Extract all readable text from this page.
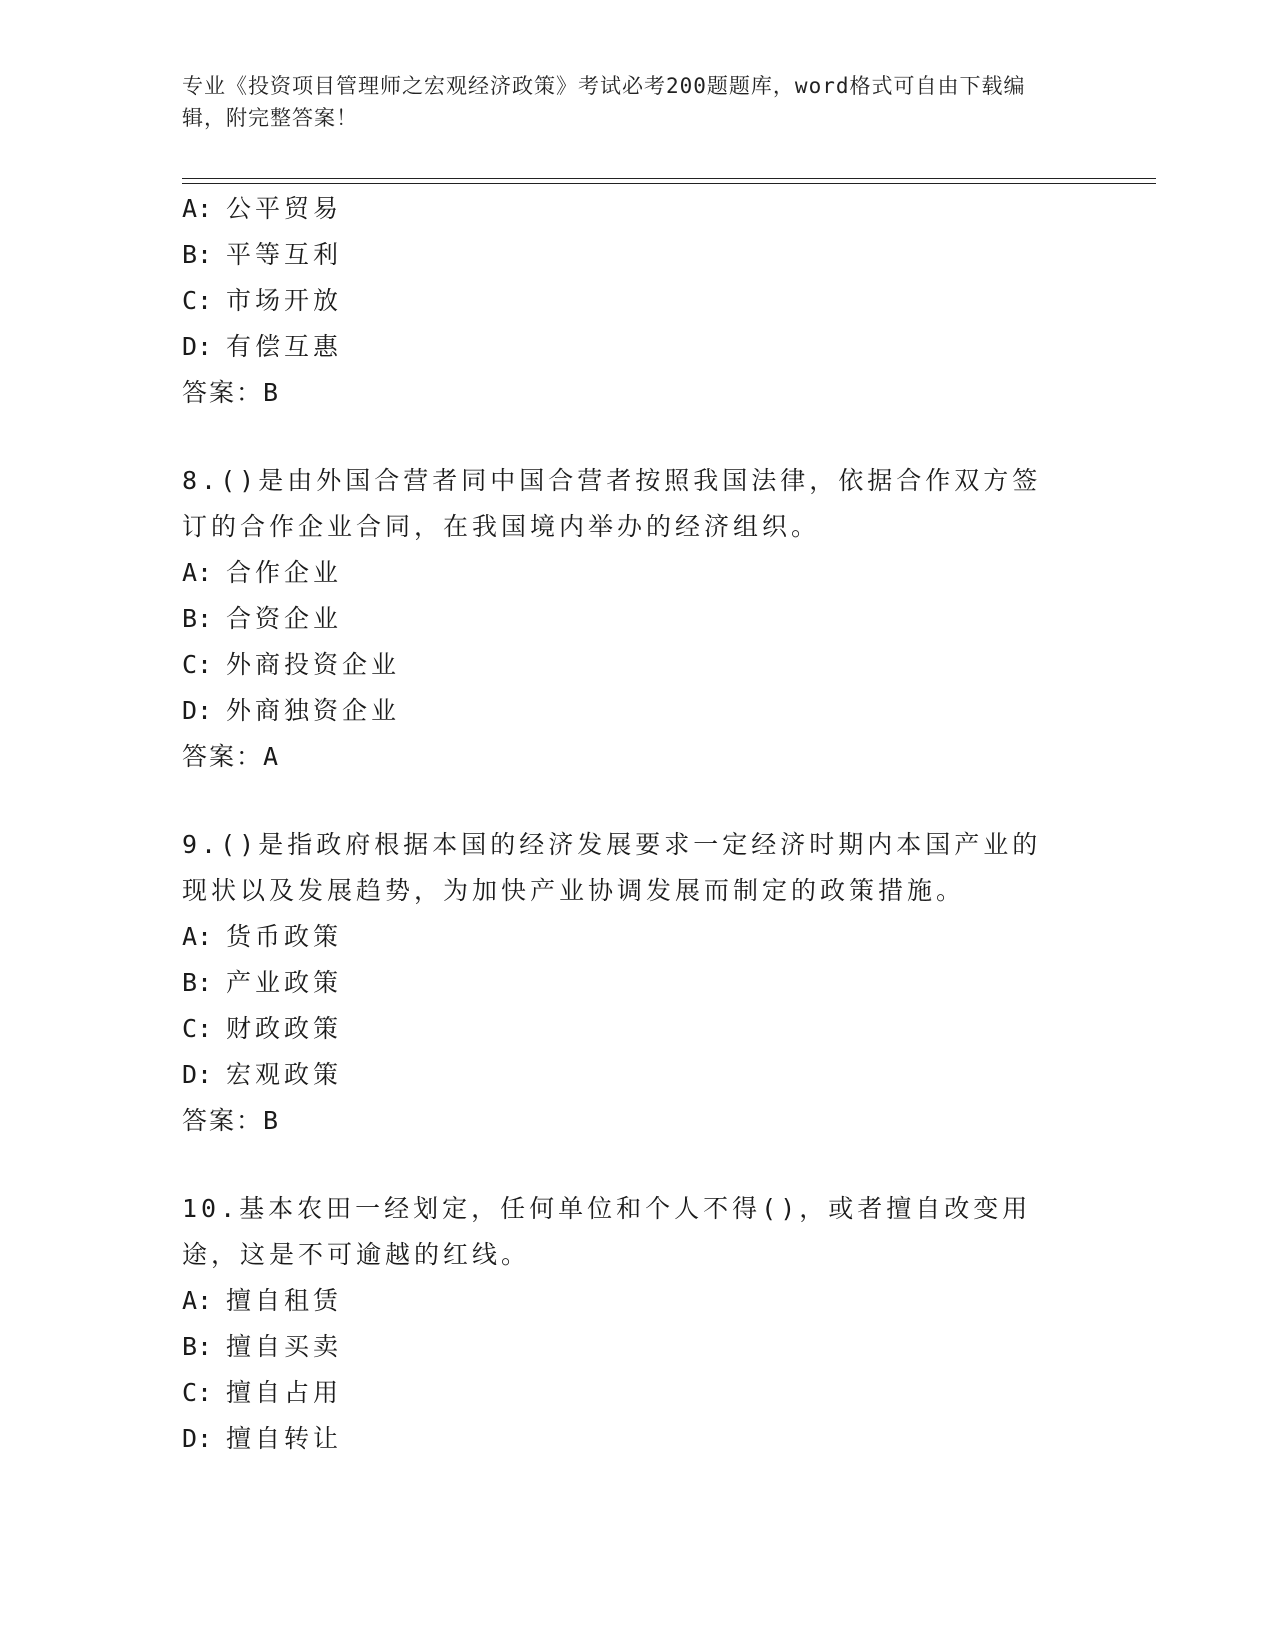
专业《投资项目管理师之宏观经济政策》考试必考200题题库，word格式可自由下载编辑，附完整答案！
A: 公平贸易
B: 平等互利
C: 市场开放
D: 有偿互惠
答案：B
8.()是由外国合营者同中国合营者按照我国法律，依据合作双方签订的合作企业合同，在我国境内举办的经济组织。
A: 合作企业
B: 合资企业
C: 外商投资企业
D: 外商独资企业
答案：A
9.()是指政府根据本国的经济发展要求一定经济时期内本国产业的现状以及发展趋势，为加快产业协调发展而制定的政策措施。
A: 货币政策
B: 产业政策
C: 财政政策
D: 宏观政策
答案：B
10.基本农田一经划定，任何单位和个人不得()，或者擅自改变用途，这是不可逾越的红线。
A: 擅自租赁
B: 擅自买卖
C: 擅自占用
D: 擅自转让
